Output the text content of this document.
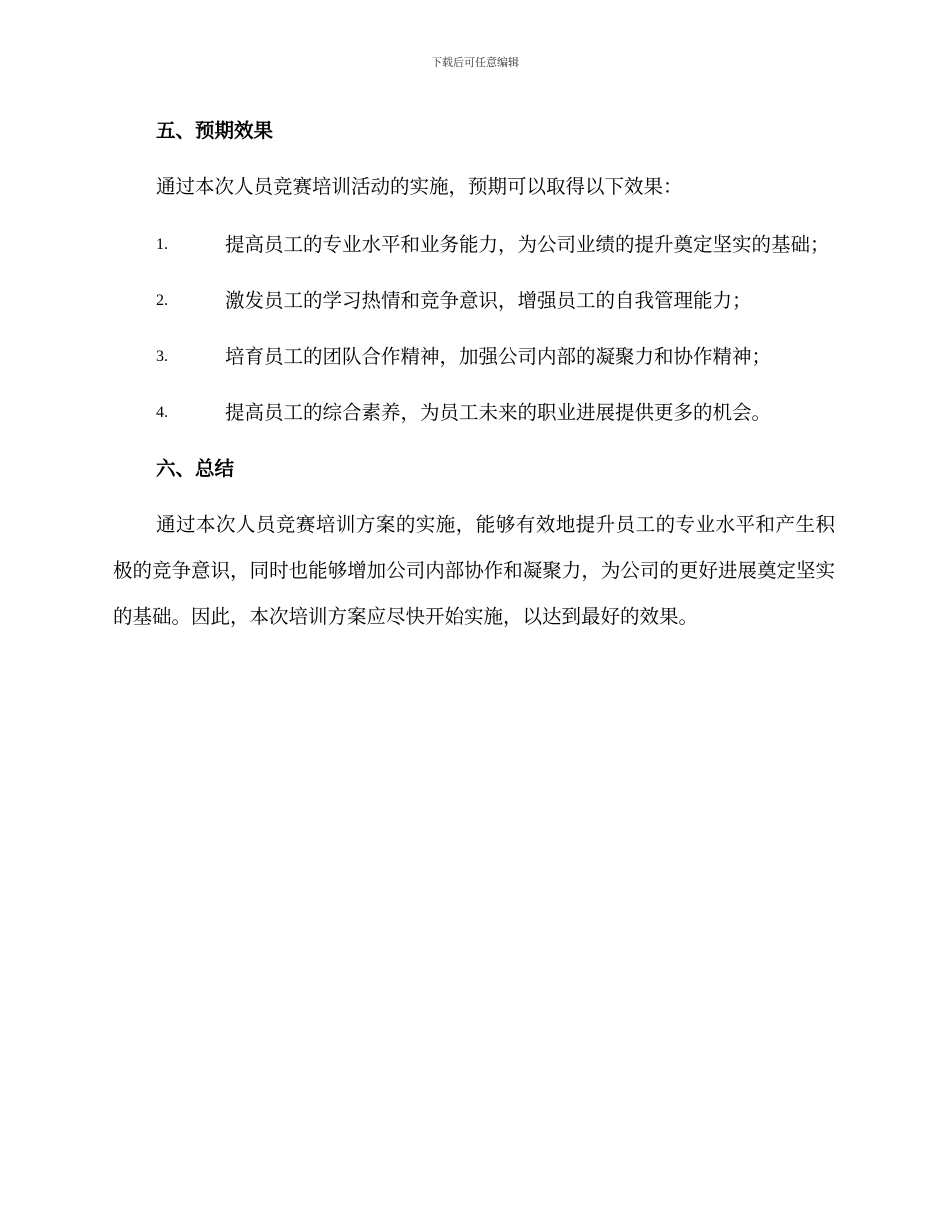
下载后可任意编辑
五、预期效果

通过本次人员竞赛培训活动的实施，预期可以取得以下效果：

1.	提高员工的专业水平和业务能力，为公司业绩的提升奠定坚实的基础；
2.	激发员工的学习热情和竞争意识，增强员工的自我管理能力；
3.	培育员工的团队合作精神，加强公司内部的凝聚力和协作精神；
4.	提高员工的综合素养，为员工未来的职业进展提供更多的机会。
六、总结

通过本次人员竞赛培训方案的实施，能够有效地提升员工的专业水平和产生积极的竞争意识，同时也能够增加公司内部协作和凝聚力，为公司的更好进展奠定坚实的基础。因此，本次培训方案应尽快开始实施，以达到最好的效果。
